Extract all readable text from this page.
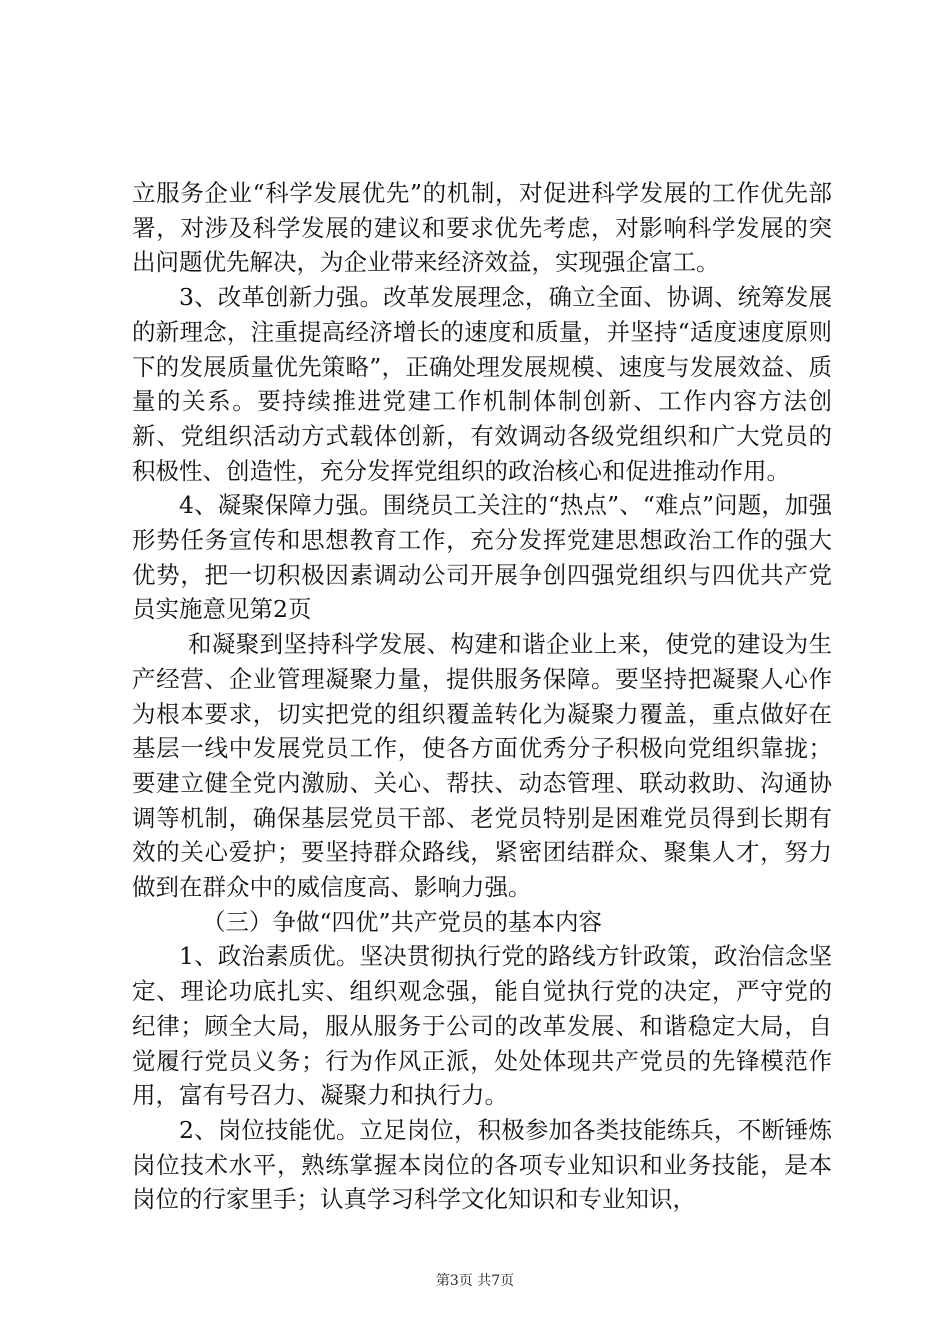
立服务企业“科学发展优先”的机制，对促进科学发展的工作优先部署，对涉及科学发展的建议和要求优先考虑，对影响科学发展的突出问题优先解决，为企业带来经济效益，实现强企富工。

3、改革创新力强。改革发展理念，确立全面、协调、统筹发展的新理念，注重提高经济增长的速度和质量，并坚持“适度速度原则下的发展质量优先策略”，正确处理发展规模、速度与发展效益、质量的关系。要持续推进党建工作机制体制创新、工作内容方法创新、党组织活动方式载体创新，有效调动各级党组织和广大党员的积极性、创造性，充分发挥党组织的政治核心和促进推动作用。

4、凝聚保障力强。围绕员工关注的“热点”、“难点”问题，加强形势任务宣传和思想教育工作，充分发挥党建思想政治工作的强大优势，把一切积极因素调动公司开展争创四强党组织与四优共产党员实施意见第2页

和凝聚到坚持科学发展、构建和谐企业上来，使党的建设为生产经营、企业管理凝聚力量，提供服务保障。要坚持把凝聚人心作为根本要求，切实把党的组织覆盖转化为凝聚力覆盖，重点做好在基层一线中发展党员工作，使各方面优秀分子积极向党组织靠拢；要建立健全党内激励、关心、帮扶、动态管理、联动救助、沟通协调等机制，确保基层党员干部、老党员特别是困难党员得到长期有效的关心爱护；要坚持群众路线，紧密团结群众、聚集人才，努力做到在群众中的威信度高、影响力强。

（三）争做“四优”共产党员的基本内容

1、政治素质优。坚决贯彻执行党的路线方针政策，政治信念坚定、理论功底扎实、组织观念强，能自觉执行党的决定，严守党的纪律；顾全大局，服从服务于公司的改革发展、和谐稳定大局，自觉履行党员义务；行为作风正派，处处体现共产党员的先锋模范作用，富有号召力、凝聚力和执行力。

2、岗位技能优。立足岗位，积极参加各类技能练兵，不断锤炼岗位技术水平，熟练掌握本岗位的各项专业知识和业务技能，是本岗位的行家里手；认真学习科学文化知识和专业知识，

第3页 共7页
